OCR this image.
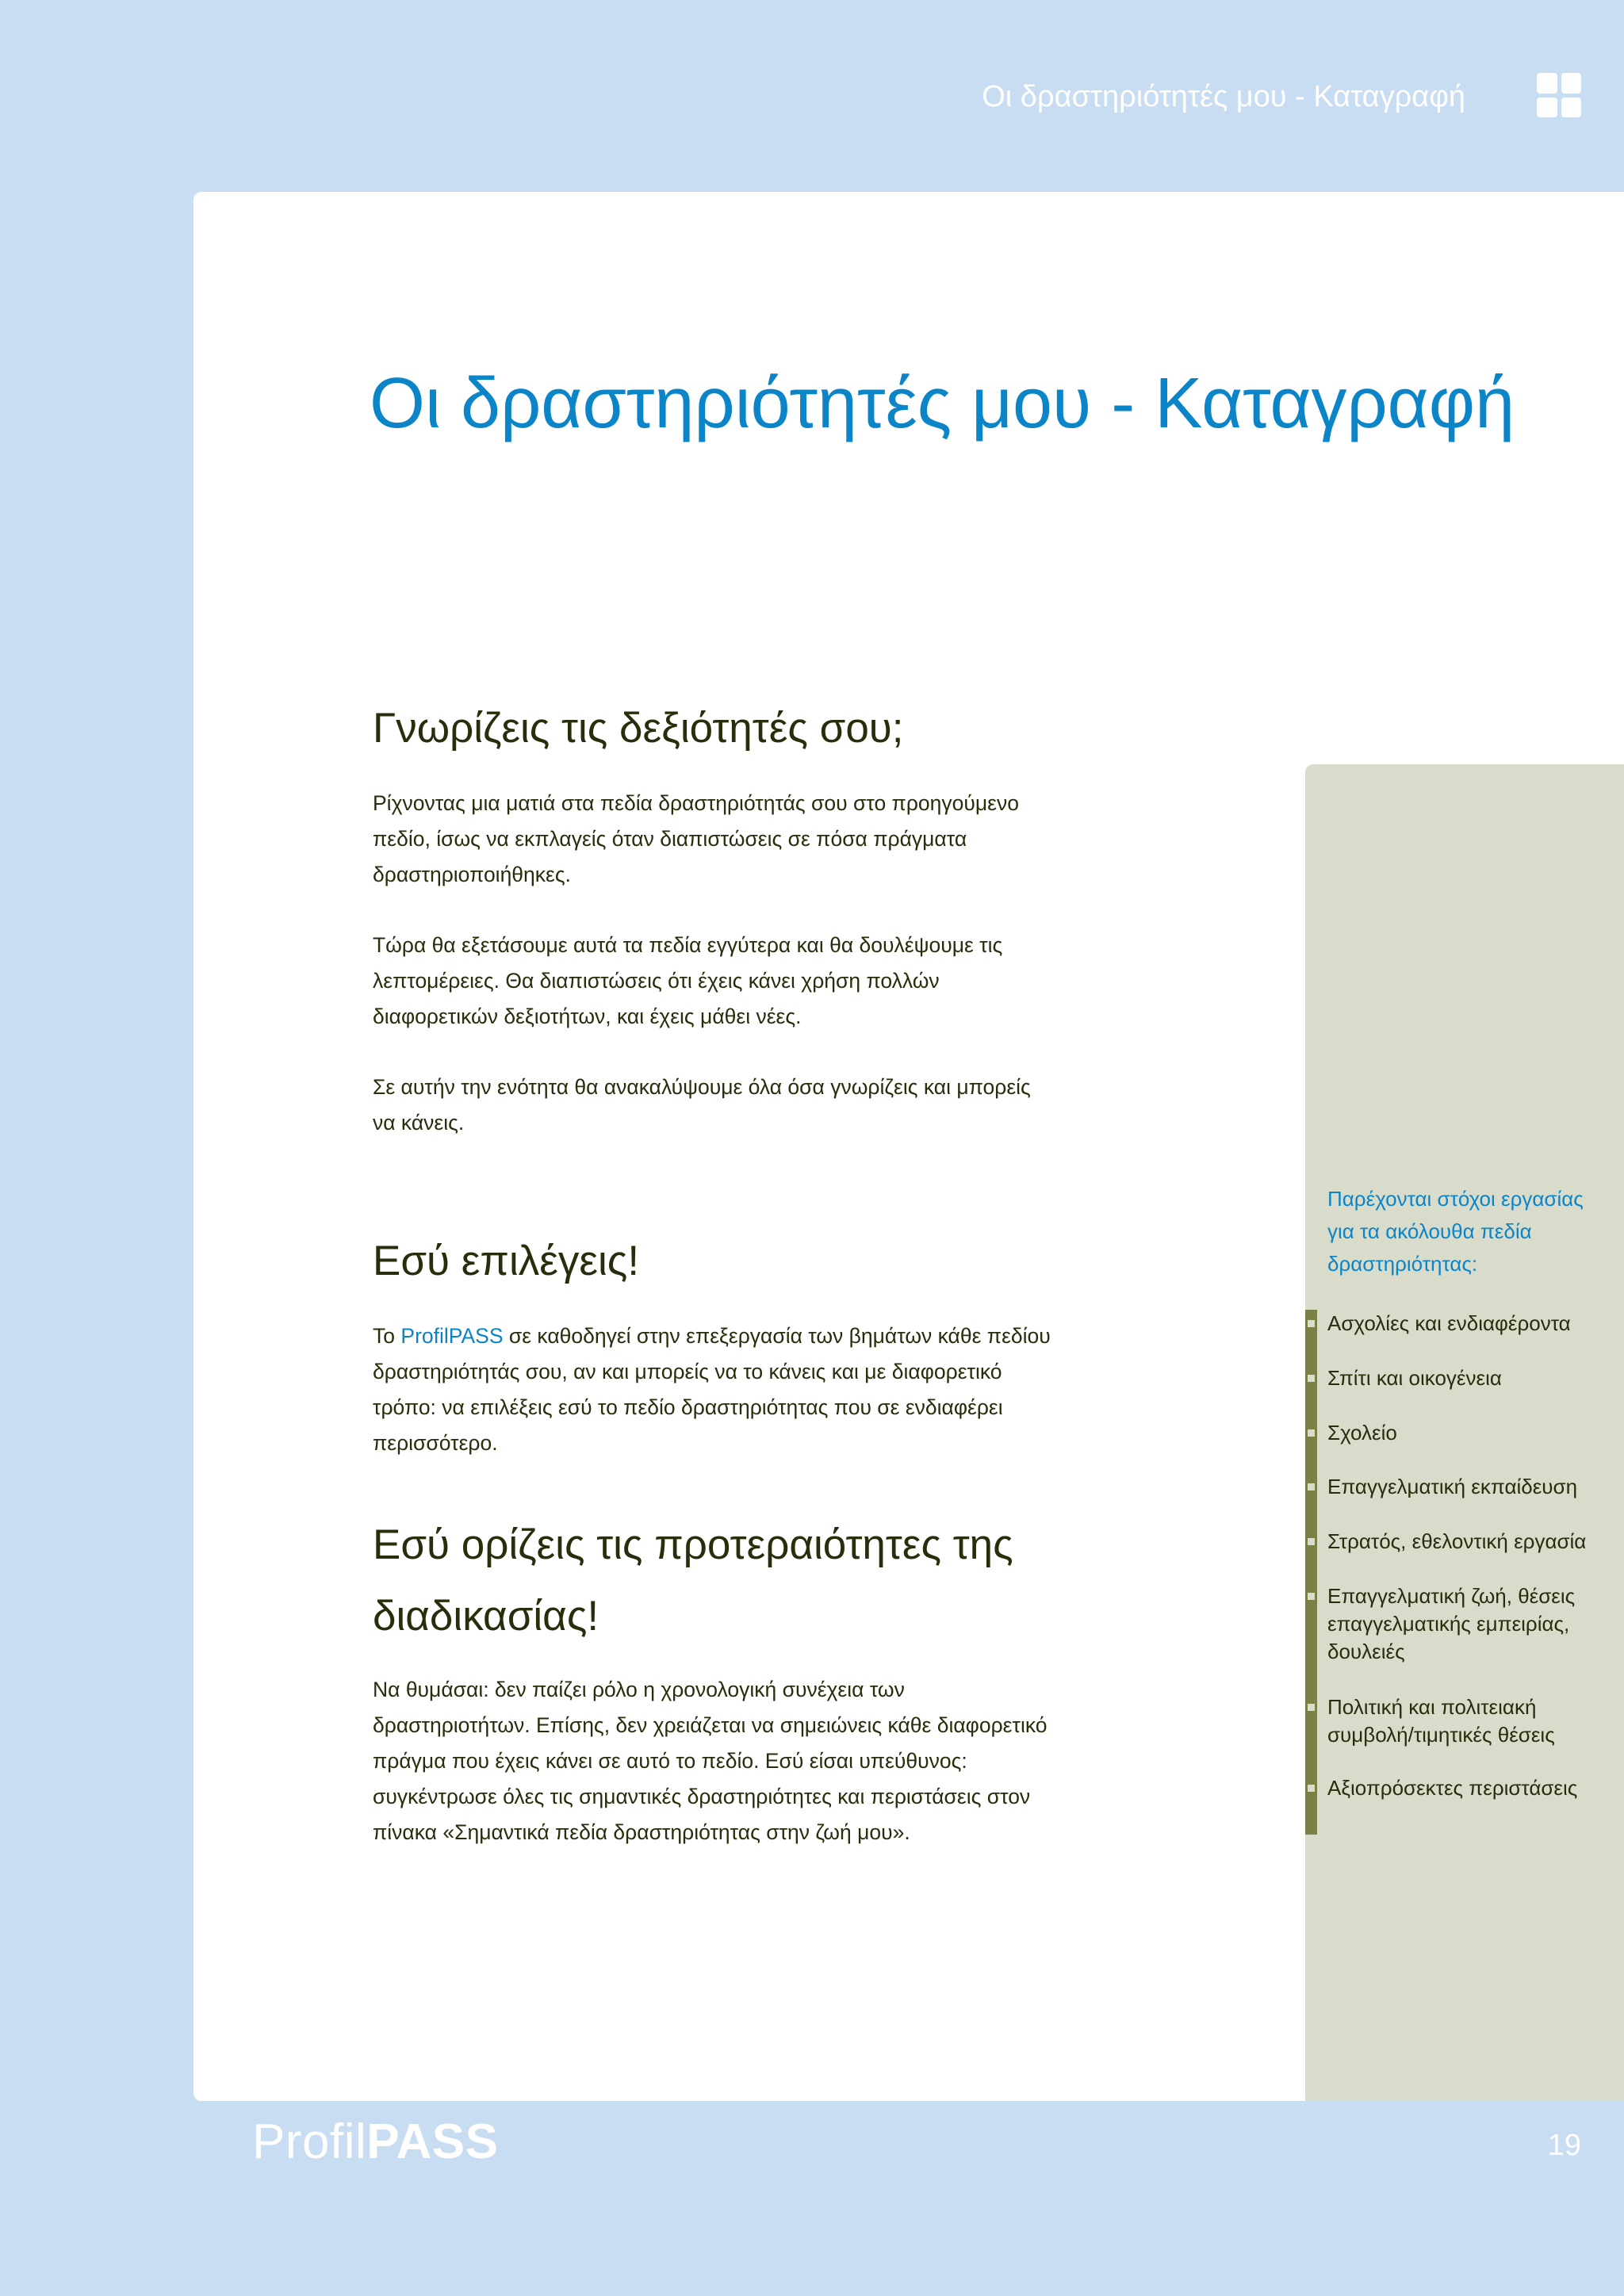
Οι δραστηριότητές μου - Καταγραφή
Οι δραστηριότητές μου - Καταγραφή
Γνωρίζεις τις δεξιότητές σου;

Ρίχνοντας μια ματιά στα πεδία δραστηριότητάς σου στο προηγούμενο πεδίο, ίσως να εκπλαγείς όταν διαπιστώσεις σε πόσα πράγματα δραστηριοποιήθηκες.

Τώρα θα εξετάσουμε αυτά τα πεδία εγγύτερα και θα δουλέψουμε τις λεπτομέρειες. Θα διαπιστώσεις ότι έχεις κάνει χρήση πολλών διαφορετικών δεξιοτήτων, και έχεις μάθει νέες.

Σε αυτήν την ενότητα θα ανακαλύψουμε όλα όσα γνωρίζεις και μπορείς να κάνεις.

Εσύ επιλέγεις!

Το ProfilPASS σε καθοδηγεί στην επεξεργασία των βημάτων κάθε πεδίου δραστηριότητάς σου, αν και μπορείς να το κάνεις και με διαφορετικό τρόπο: να επιλέξεις εσύ το πεδίο δραστηριότητας που σε ενδιαφέρει περισσότερο.

Εσύ ορίζεις τις προτεραιότητες της διαδικασίας!

Να θυμάσαι: δεν παίζει ρόλο η χρονολογική συνέχεια των δραστηριοτήτων. Επίσης, δεν χρειάζεται να σημειώνεις κάθε διαφορετικό πράγμα που έχεις κάνει σε αυτό το πεδίο. Εσύ είσαι υπεύθυνος: συγκέντρωσε όλες τις σημαντικές δραστηριότητες και περιστάσεις στον πίνακα «Σημαντικά πεδία δραστηριότητας στην ζωή μου».

Παρέχονται στόχοι εργασίας για τα ακόλουθα πεδία δραστηριότητας:

Ασχολίες και ενδιαφέροντα
Σπίτι και οικογένεια
Σχολείο
Επαγγελματική εκπαίδευση
Στρατός, εθελοντική εργασία
Επαγγελματική ζωή, θέσεις επαγγελματικής εμπειρίας, δουλειές
Πολιτική και πολιτειακή συμβολή/τιμητικές θέσεις
Αξιοπρόσεκτες περιστάσεις
ProfilPASS	19
